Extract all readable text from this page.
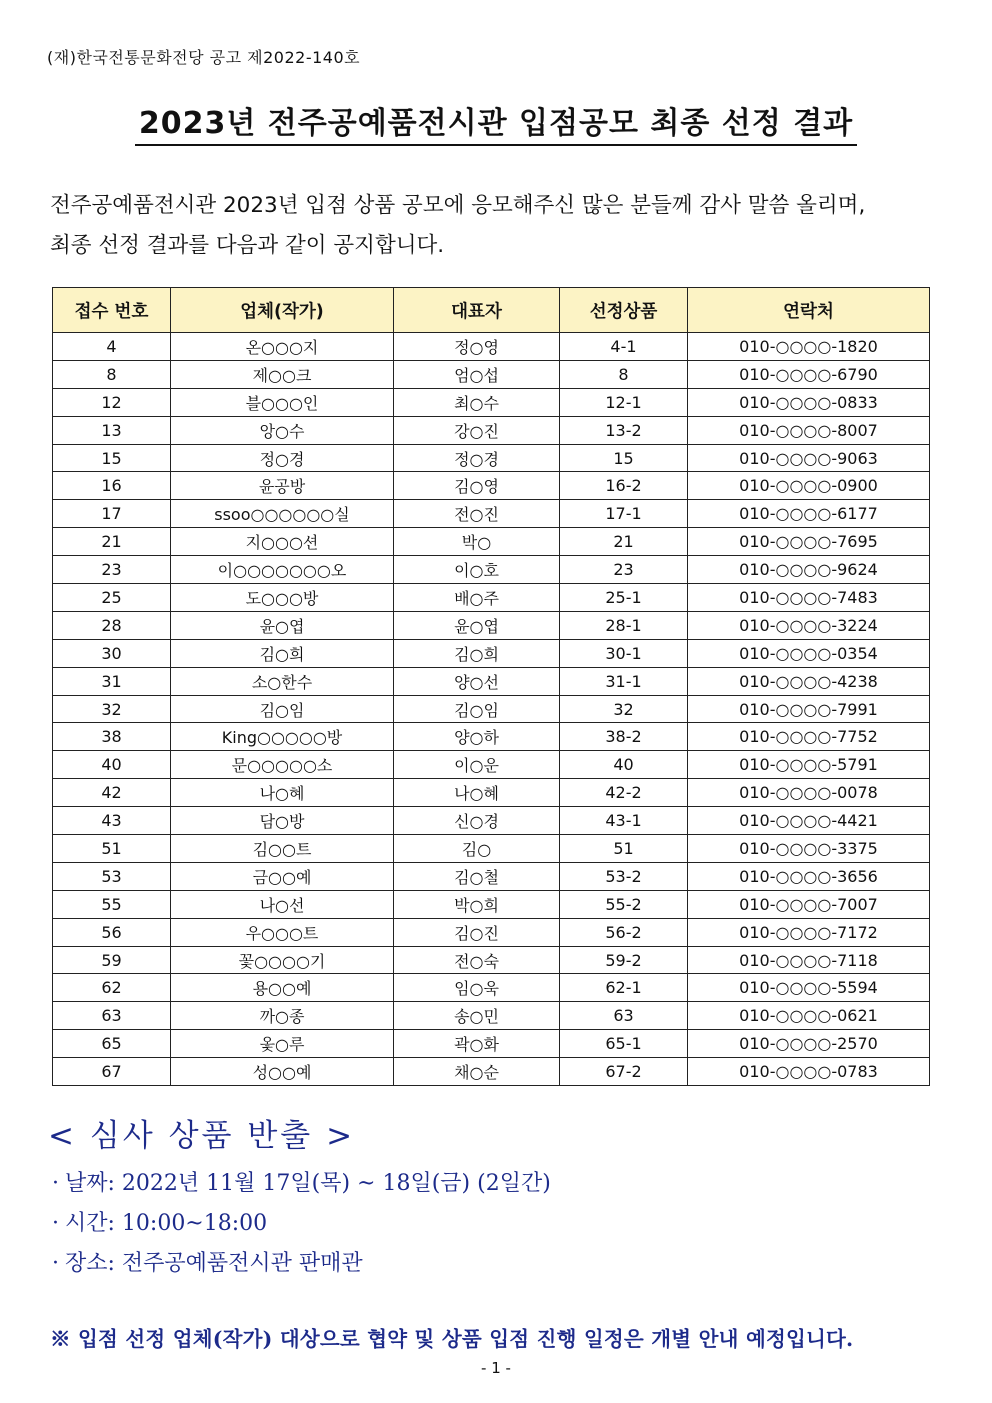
(재)한국전통문화전당 공고 제2022-140호
2023년 전주공예품전시관 입점공모 최종 선정 결과
전주공예품전시관 2023년 입점 상품 공모에 응모해주신 많은 분들께 감사 말씀 올리며,
최종 선정 결과를 다음과 같이 공지합니다.
접수 번호	업체(작가)	대표자	선정상품	연락처
4	온○○○지	정○영	4-1	010-○○○○-1820
8	제○○크	엄○섭	8	010-○○○○-6790
12	블○○○인	최○수	12-1	010-○○○○-0833
13	앙○수	강○진	13-2	010-○○○○-8007
15	정○경	정○경	15	010-○○○○-9063
16	윤공방	김○영	16-2	010-○○○○-0900
17	ssoo○○○○○○실	전○진	17-1	010-○○○○-6177
21	지○○○션	박○	21	010-○○○○-7695
23	이○○○○○○○오	이○호	23	010-○○○○-9624
25	도○○○방	배○주	25-1	010-○○○○-7483
28	윤○엽	윤○엽	28-1	010-○○○○-3224
30	김○희	김○희	30-1	010-○○○○-0354
31	소○한수	양○선	31-1	010-○○○○-4238
32	김○임	김○임	32	010-○○○○-7991
38	King○○○○○방	양○하	38-2	010-○○○○-7752
40	문○○○○○소	이○운	40	010-○○○○-5791
42	나○혜	나○혜	42-2	010-○○○○-0078
43	담○방	신○경	43-1	010-○○○○-4421
51	김○○트	김○	51	010-○○○○-3375
53	금○○예	김○철	53-2	010-○○○○-3656
55	나○선	박○희	55-2	010-○○○○-7007
56	우○○○트	김○진	56-2	010-○○○○-7172
59	꽃○○○○기	전○숙	59-2	010-○○○○-7118
62	용○○예	임○욱	62-1	010-○○○○-5594
63	까○종	송○민	63	010-○○○○-0621
65	옻○루	곽○화	65-1	010-○○○○-2570
67	성○○예	채○순	67-2	010-○○○○-0783
< 심사 상품 반출 >
· 날짜: 2022년 11월 17일(목) ~ 18일(금) (2일간)
· 시간: 10:00~18:00
· 장소: 전주공예품전시관 판매관
※ 입점 선정 업체(작가) 대상으로 협약 및 상품 입점 진행 일정은 개별 안내 예정입니다.
- 1 -
